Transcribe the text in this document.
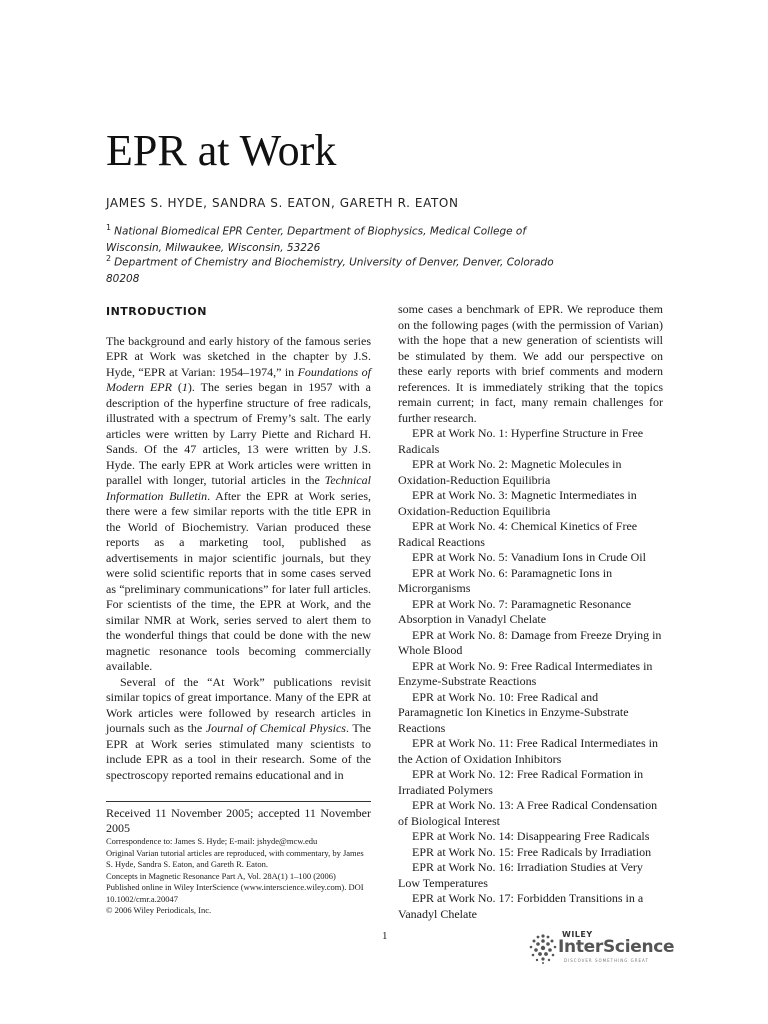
EPR at Work
JAMES S. HYDE, SANDRA S. EATON, GARETH R. EATON
$^1$ National Biomedical EPR Center, Department of Biophysics, Medical College of Wisconsin, Milwaukee, Wisconsin, 53226
$^2$ Department of Chemistry and Biochemistry, University of Denver, Denver, Colorado 80208
INTRODUCTION

The background and early history of the famous series EPR at Work was sketched in the chapter by J.S. Hyde, “EPR at Varian: 1954–1974,” in Foundations of Modern EPR (1). The series began in 1957 with a description of the hyperfine structure of free radicals, illustrated with a spectrum of Fremy’s salt. The early articles were written by Larry Piette and Richard H. Sands. Of the 47 articles, 13 were written by J.S. Hyde. The early EPR at Work articles were written in parallel with longer, tutorial articles in the Technical Information Bulletin. After the EPR at Work series, there were a few similar reports with the title EPR in the World of Biochemistry. Varian produced these reports as a marketing tool, published as advertisements in major scientific journals, but they were solid scientific reports that in some cases served as “preliminary communications” for later full articles. For scientists of the time, the EPR at Work, and the similar NMR at Work, series served to alert them to the wonderful things that could be done with the new magnetic resonance tools becoming commercially available.

Several of the “At Work” publications revisit similar topics of great importance. Many of the EPR at Work articles were followed by research articles in journals such as the Journal of Chemical Physics. The EPR at Work series stimulated many scientists to include EPR as a tool in their research. Some of the spectroscopy reported remains educational and in

Received 11 November 2005; accepted 11 November 2005

Correspondence to: James S. Hyde; E-mail: jshyde@mcw.edu

Original Varian tutorial articles are reproduced, with commentary, by James S. Hyde, Sandra S. Eaton, and Gareth R. Eaton.

Concepts in Magnetic Resonance Part A, Vol. 28A(1) 1–100 (2006)

Published online in Wiley InterScience (www.interscience.wiley.com). DOI 10.1002/cmr.a.20047

© 2006 Wiley Periodicals, Inc.

some cases a benchmark of EPR. We reproduce them on the following pages (with the permission of Varian) with the hope that a new generation of scientists will be stimulated by them. We add our perspective on these early reports with brief comments and modern references. It is immediately striking that the topics remain current; in fact, many remain challenges for further research.

EPR at Work No. 1: Hyperfine Structure in Free Radicals

EPR at Work No. 2: Magnetic Molecules in Oxidation-Reduction Equilibria

EPR at Work No. 3: Magnetic Intermediates in Oxidation-Reduction Equilibria

EPR at Work No. 4: Chemical Kinetics of Free Radical Reactions

EPR at Work No. 5: Vanadium Ions in Crude Oil

EPR at Work No. 6: Paramagnetic Ions in Microrganisms

EPR at Work No. 7: Paramagnetic Resonance Absorption in Vanadyl Chelate

EPR at Work No. 8: Damage from Freeze Drying in Whole Blood

EPR at Work No. 9: Free Radical Intermediates in Enzyme-Substrate Reactions

EPR at Work No. 10: Free Radical and Paramagnetic Ion Kinetics in Enzyme-Substrate Reactions

EPR at Work No. 11: Free Radical Intermediates in the Action of Oxidation Inhibitors

EPR at Work No. 12: Free Radical Formation in Irradiated Polymers

EPR at Work No. 13: A Free Radical Condensation of Biological Interest

EPR at Work No. 14: Disappearing Free Radicals

EPR at Work No. 15: Free Radicals by Irradiation

EPR at Work No. 16: Irradiation Studies at Very Low Temperatures

EPR at Work No. 17: Forbidden Transitions in a Vanadyl Chelate

1	WILEY
InterScience
DISCOVER SOMETHING GREAT
